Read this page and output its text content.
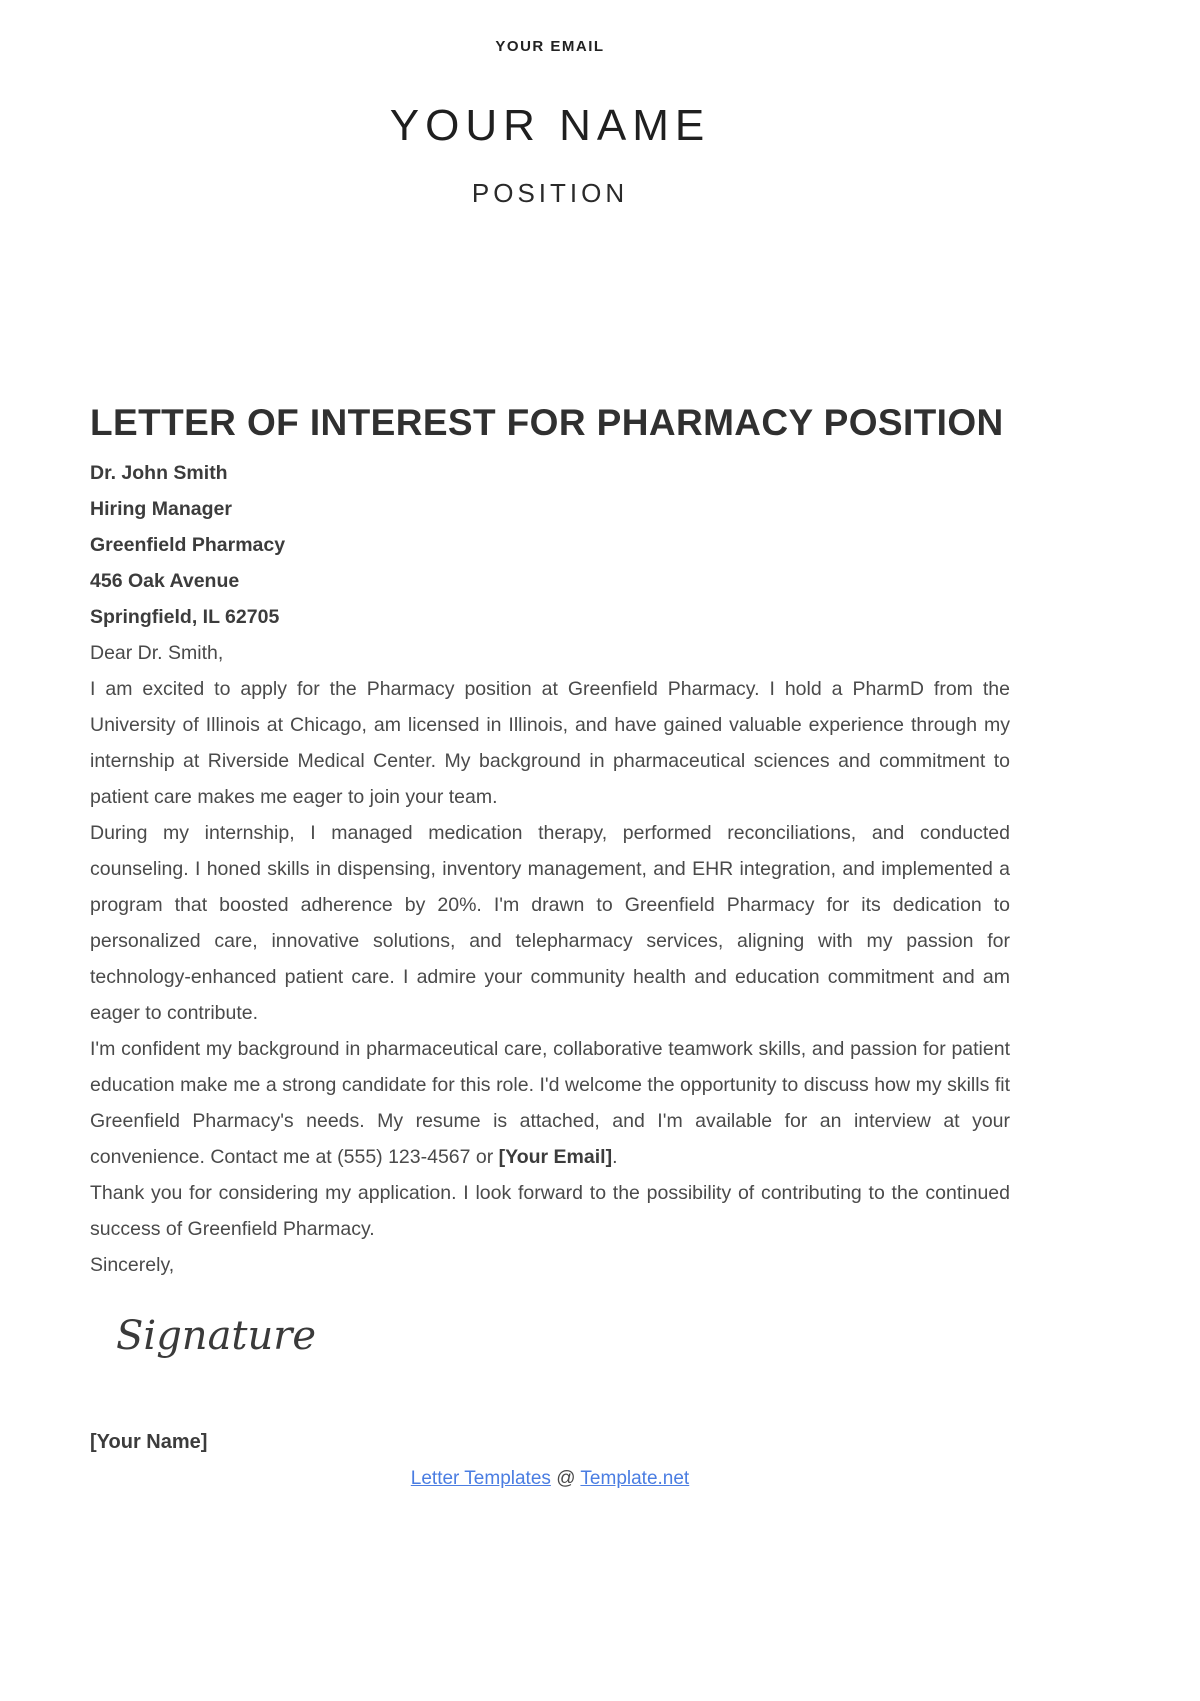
YOUR EMAIL
YOUR NAME
POSITION
LETTER OF INTEREST FOR PHARMACY POSITION
Dr. John Smith
Hiring Manager
Greenfield Pharmacy
456 Oak Avenue
Springfield, IL 62705

Dear Dr. Smith,

I am excited to apply for the Pharmacy position at Greenfield Pharmacy. I hold a PharmD from the University of Illinois at Chicago, am licensed in Illinois, and have gained valuable experience through my internship at Riverside Medical Center. My background in pharmaceutical sciences and commitment to patient care makes me eager to join your team.

During my internship, I managed medication therapy, performed reconciliations, and conducted counseling. I honed skills in dispensing, inventory management, and EHR integration, and implemented a program that boosted adherence by 20%. I'm drawn to Greenfield Pharmacy for its dedication to personalized care, innovative solutions, and telepharmacy services, aligning with my passion for technology-enhanced patient care. I admire your community health and education commitment and am eager to contribute.

I'm confident my background in pharmaceutical care, collaborative teamwork skills, and passion for patient education make me a strong candidate for this role. I'd welcome the opportunity to discuss how my skills fit Greenfield Pharmacy's needs. My resume is attached, and I'm available for an interview at your convenience. Contact me at (555) 123-4567 or [Your Email].

Thank you for considering my application. I look forward to the possibility of contributing to the continued success of Greenfield Pharmacy.

Sincerely,

Signature
[Your Name]
Letter Templates @ Template.net
